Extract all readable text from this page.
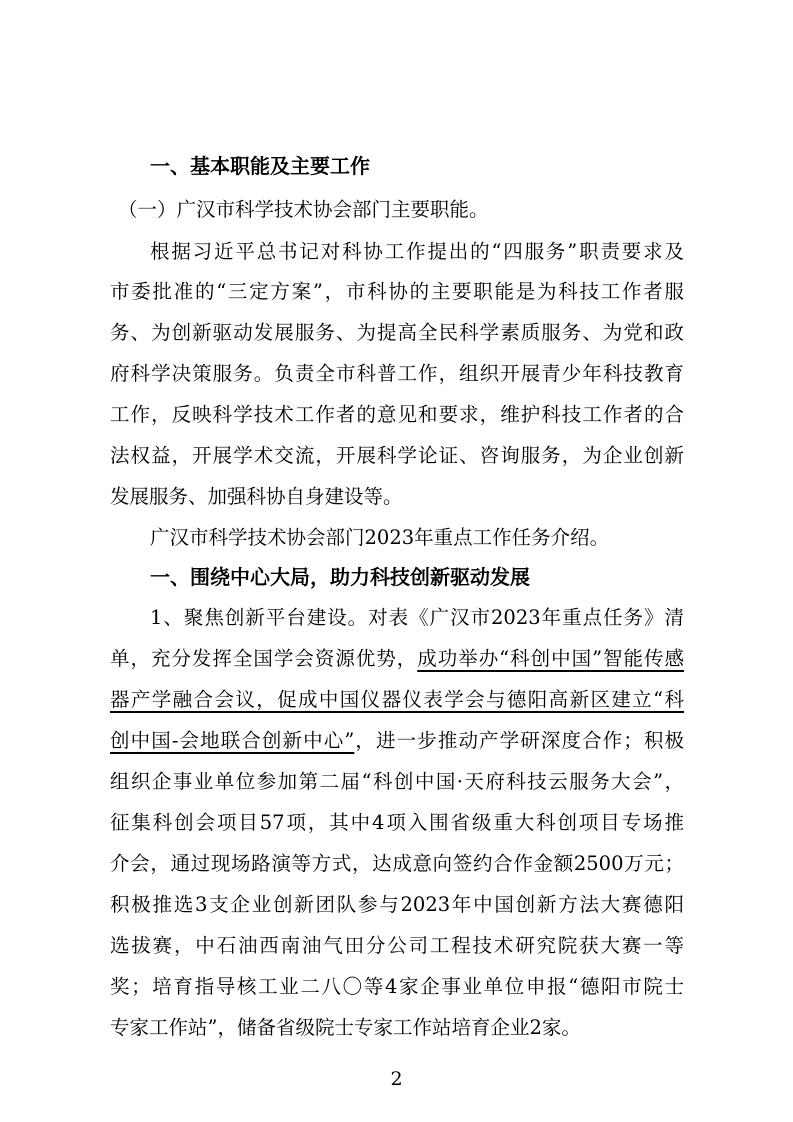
一、基本职能及主要工作

（一）广汉市科学技术协会部门主要职能。

根据习近平总书记对科协工作提出的“四服务”职责要求及

市委批准的“三定方案”，市科协的主要职能是为科技工作者服

务、为创新驱动发展服务、为提高全民科学素质服务、为党和政

府科学决策服务。负责全市科普工作，组织开展青少年科技教育

工作，反映科学技术工作者的意见和要求，维护科技工作者的合

法权益，开展学术交流，开展科学论证、咨询服务，为企业创新

发展服务、加强科协自身建设等。

广汉市科学技术协会部门2023年重点工作任务介绍。

一、围绕中心大局，助力科技创新驱动发展

1、聚焦创新平台建设。对表《广汉市2023年重点任务》清

单，充分发挥全国学会资源优势，成功举办“科创中国”智能传感

器产学融合会议，促成中国仪器仪表学会与德阳高新区建立“科

创中国-会地联合创新中心”，进一步推动产学研深度合作；积极

组织企事业单位参加第二届“科创中国·天府科技云服务大会”，

征集科创会项目57项，其中4项入围省级重大科创项目专场推

介会，通过现场路演等方式，达成意向签约合作金额2500万元；

积极推选3支企业创新团队参与2023年中国创新方法大赛德阳

选拔赛，中石油西南油气田分公司工程技术研究院获大赛一等

奖；培育指导核工业二八〇等4家企事业单位申报“德阳市院士

专家工作站”，储备省级院士专家工作站培育企业2家。

2
